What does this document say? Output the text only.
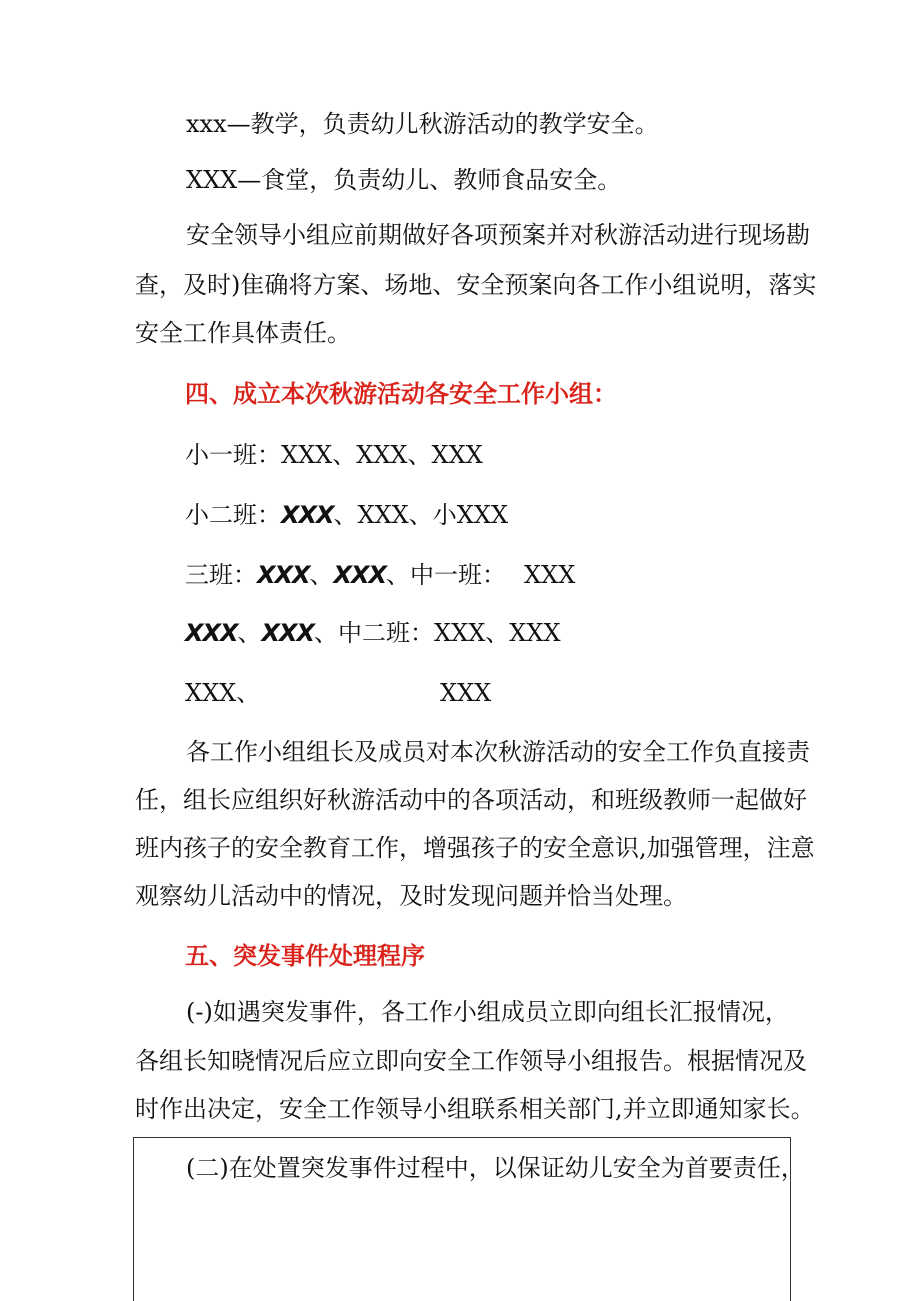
xxx—教学，负责幼儿秋游活动的教学安全。
XXX—食堂，负责幼儿、教师食品安全。
安全领导小组应前期做好各项预案并对秋游活动进行现场勘
查，及时)隹确将方案、场地、安全预案向各工作小组说明，落实
安全工作具体责任。
四、成立本次秋游活动各安全工作小组：
小一班：XXX、XXX、XXX
小二班：XXX、XXX、小XXX
三班：XXX、XXX、中一班： XXX
XXX、XXX、中二班：XXX、XXX
XXX、	XXX
各工作小组组长及成员对本次秋游活动的安全工作负直接责
任，组长应组织好秋游活动中的各项活动，和班级教师一起做好
班内孩子的安全教育工作，增强孩子的安全意识,加强管理，注意
观察幼儿活动中的情况，及时发现问题并恰当处理。
五、突发事件处理程序
(-)如遇突发事件，各工作小组成员立即向组长汇报情况，
各组长知晓情况后应立即向安全工作领导小组报告。根据情况及
时作出决定，安全工作领导小组联系相关部门,并立即通知家长。
(二)在处置突发事件过程中，以保证幼儿安全为首要责任，
